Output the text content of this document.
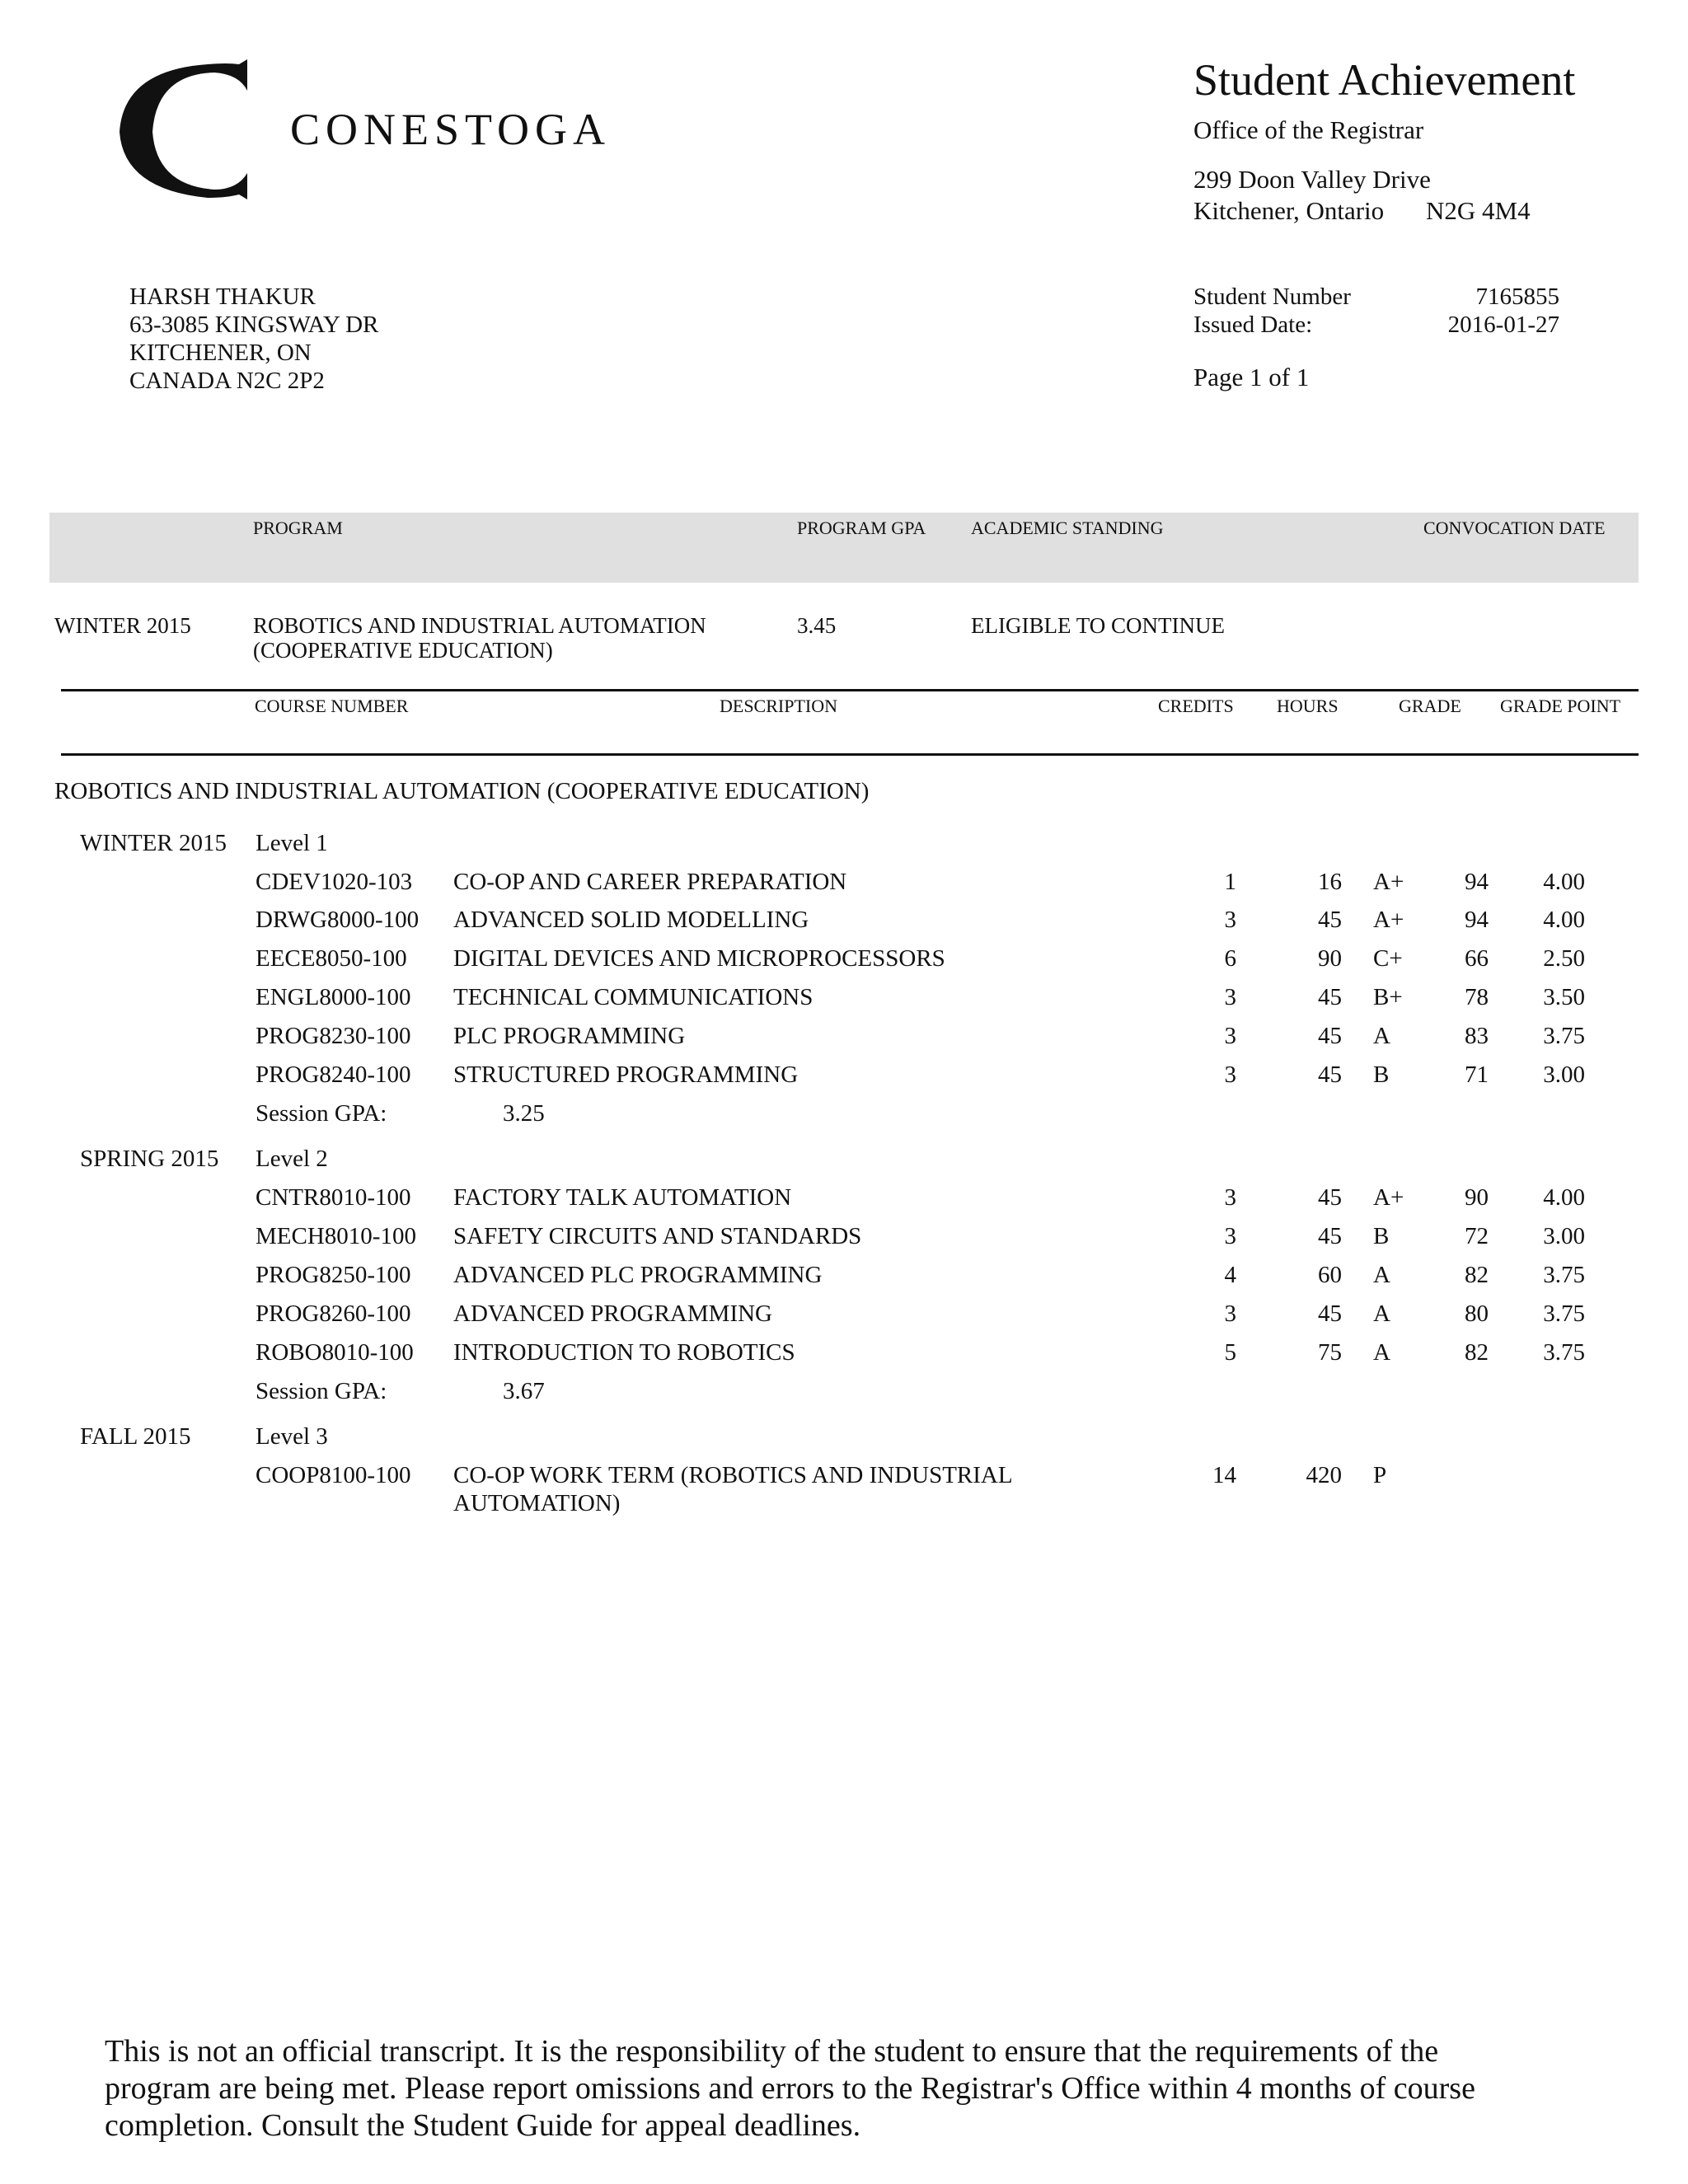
CONESTOGA
Student Achievement
Office of the Registrar
299 Doon Valley Drive
Kitchener, Ontario N2G 4M4
HARSH THAKUR
63-3085 KINGSWAY DR
KITCHENER, ON
CANADA N2C 2P2
Student Number	7165855
Issued Date:	2016-01-27
Page 1 of 1
PROGRAM	PROGRAM GPA ACADEMIC STANDING	CONVOCATION DATE
WINTER 2015	ROBOTICS AND INDUSTRIAL AUTOMATION
(COOPERATIVE EDUCATION)
3.45	ELIGIBLE TO CONTINUE
COURSE NUMBER	DESCRIPTION	CREDITS HOURS	GRADE GRADE POINT
ROBOTICS AND INDUSTRIAL AUTOMATION (COOPERATIVE EDUCATION)
WINTER 2015 Level 1
CDEV1020-103 CO-OP AND CAREER PREPARATION	1	16 A+	94	4.00
DRWG8000-100 ADVANCED SOLID MODELLING	3	45 A+	94	4.00
EECE8050-100 DIGITAL DEVICES AND MICROPROCESSORS	6	90 C+	66	2.50
ENGL8000-100 TECHNICAL COMMUNICATIONS	3	45 B+	78	3.50
PROG8230-100 PLC PROGRAMMING	3	45 A	83	3.75
PROG8240-100 STRUCTURED PROGRAMMING	3	45 B	71	3.00
Session GPA:	3.25
SPRING 2015 Level 2
CNTR8010-100 FACTORY TALK AUTOMATION	3	45 A+	90	4.00
MECH8010-100 SAFETY CIRCUITS AND STANDARDS	3	45 B	72	3.00
PROG8250-100 ADVANCED PLC PROGRAMMING	4	60 A	82	3.75
PROG8260-100 ADVANCED PROGRAMMING	3	45 A	80	3.75
ROBO8010-100 INTRODUCTION TO ROBOTICS	5	75 A	82	3.75
Session GPA:	3.67
FALL 2015	Level 3
COOP8100-100 CO-OP WORK TERM (ROBOTICS AND INDUSTRIAL
AUTOMATION)
14	420 P
This is not an official transcript. It is the responsibility of the student to ensure that the requirements of the
program are being met. Please report omissions and errors to the Registrar's Office within 4 months of course
completion. Consult the Student Guide for appeal deadlines.
